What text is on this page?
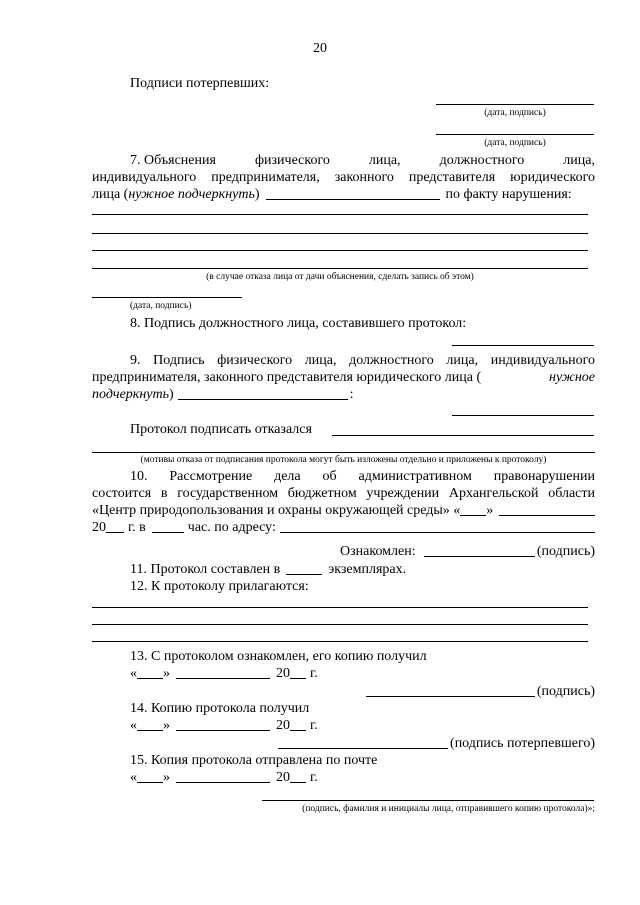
20
Подписи потерпевших:
(дата, подпись)
(дата, подпись)
7. Объяснения	физического	лица,	должностного	лица,
индивидуального предпринимателя, законного представителя юридического
лица ( нужное подчеркнуть )	по факту нарушения:
(в случае отказа лица от дачи объяснения, сделать запись об этом)
(дата, подпись)
8. Подпись должностного лица, составившего протокол:
9. Подпись физического лица, должностного лица, индивидуального
предпринимателя, законного представителя юридического лица (	нужное
подчеркнуть )	:
Протокол подписать отказался
(мотивы отказа от подписания протокола могут быть изложены отдельно и приложены к протоколу)
10. Рассмотрение дела об административном правонарушении
состоится в государственном бюджетном учреждении Архангельской области
«Центр природопользования и охраны окружающей среды» « »
20 г. в	час. по адресу:
Ознакомлен:	(подпись)
11. Протокол составлен в	экземплярах.
12. К протоколу прилагаются:
13. С протоколом ознакомлен, его копию получил
« »	20 г.
(подпись)
14. Копию протокола получил
« »	20 г.
(подпись потерпевшего)
15. Копия протокола отправлена по почте
« »	20 г.
(подпись, фамилия и инициалы лица, отправившего копию протокола)»;
